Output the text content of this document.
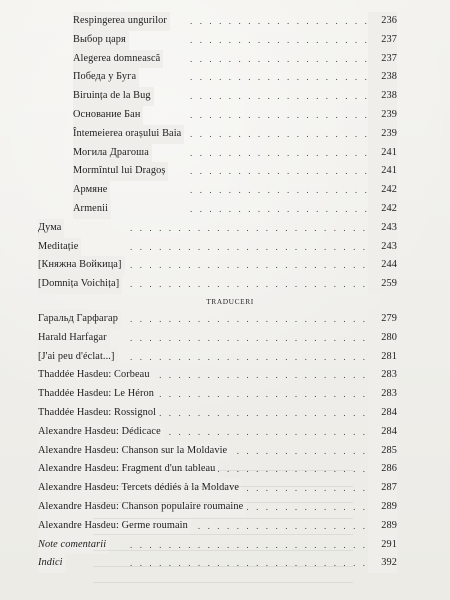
. . .
Respingerea ungurilor	236
. . .
Выбор царя	237
. . .
Alegerea domnească	237
. . .
Победа у Буга	238
. . .
Biruința de la Bug	238
. . .
Основание Бан	239
. . .
Întemeierea orașului Baia	239
. . .
Могила Драгоша	241
. . .
Mormîntul lui Dragoș	241
. . .
Армяне	242
. . .
Armenii	242
. . .
Дума	243
. . .
Meditație	243
. . .
[Княжна Войкица]	244
. . .
[Domnița Voichița]	259
TRADUCERI
. . .
Гаральд Гарфагар	279
. . .
Harald Harfagar	280
. . .
[J'ai peu d'éclat...]	281
. . .
Thaddée Hasdeu: Corbeau	283
. . .
Thaddée Hasdeu: Le Héron	283
. . .
Thaddée Hasdeu: Rossignol	284
. . .
Alexandre Hasdeu: Dédicace	284
. . .
Alexandre Hasdeu: Chanson sur la Moldavie	285
. . .
Alexandre Hasdeu: Fragment d'un tableau	286
. . .
Alexandre Hasdeu: Tercets dédiés à la Moldave	287
. . .
Alexandre Hasdeu: Chanson populaire roumaine	289
. . .
Alexandre Hasdeu: Germe roumain	289
. . .
Note comentarii	291
. . .
Indici	392
